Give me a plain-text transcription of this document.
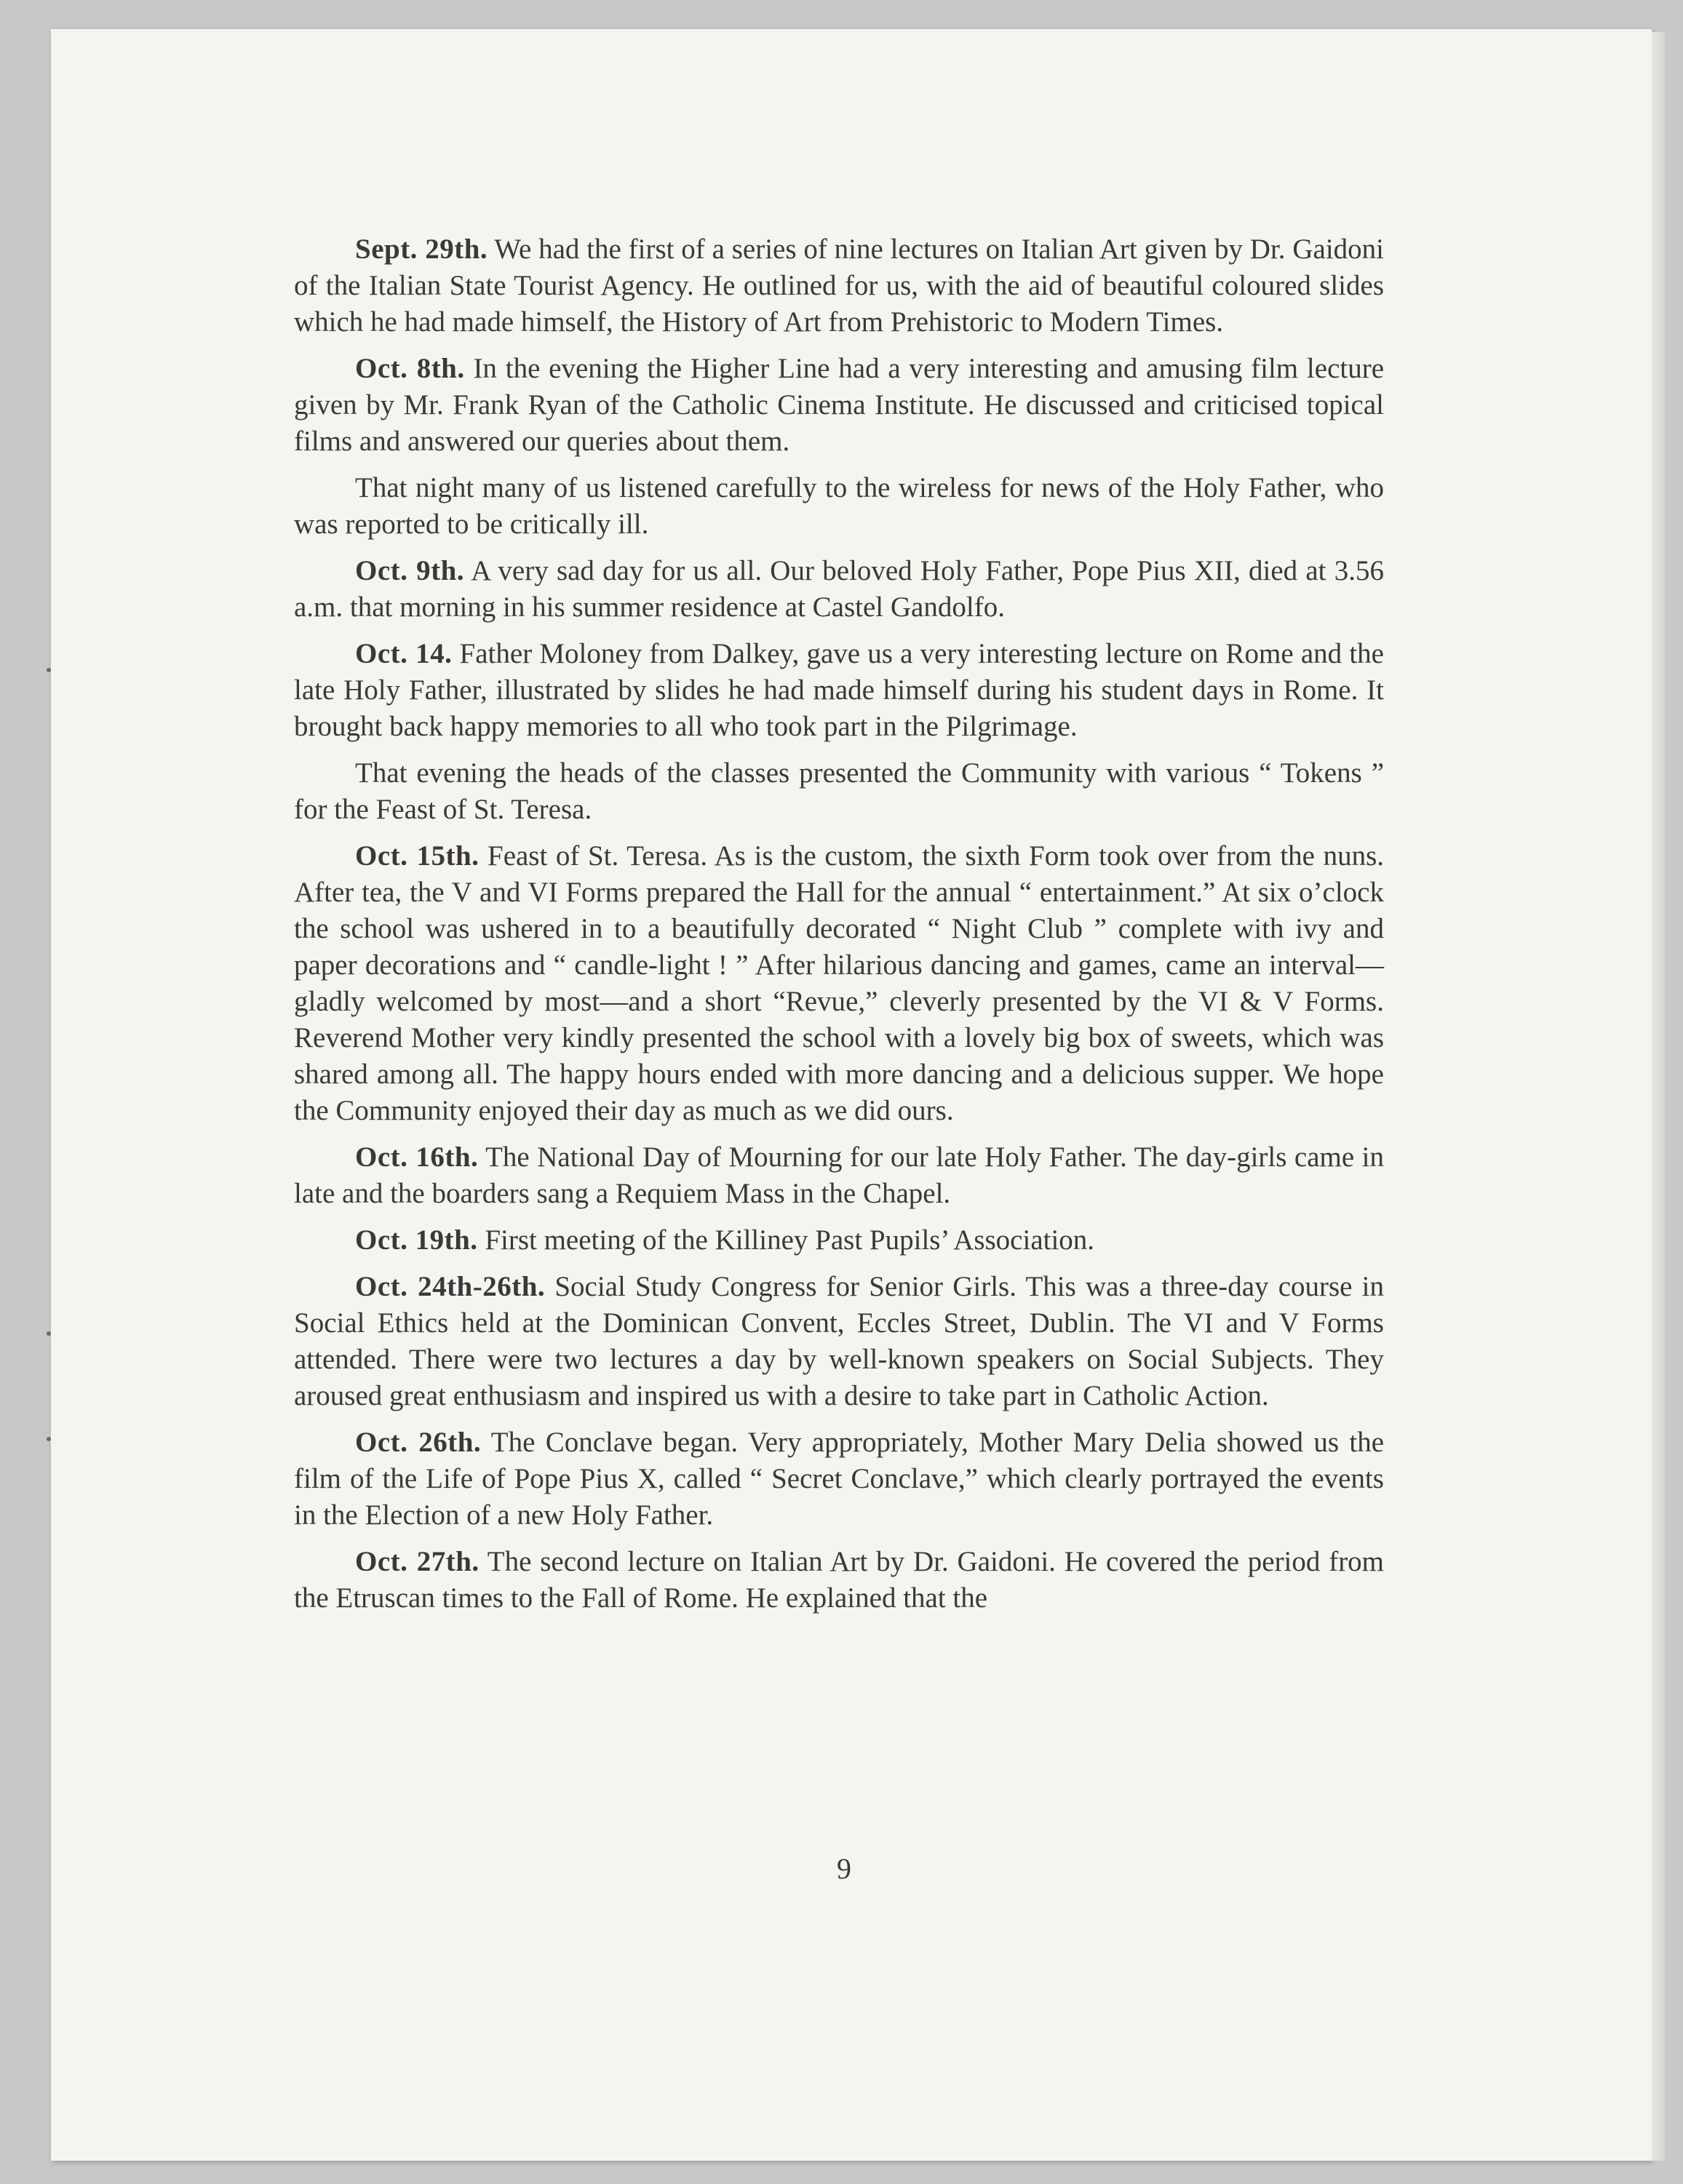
Sept. 29th. We had the first of a series of nine lectures on Italian Art given by Dr. Gaidoni of the Italian State Tourist Agency. He outlined for us, with the aid of beautiful coloured slides which he had made himself, the History of Art from Prehistoric to Modern Times.

Oct. 8th. In the evening the Higher Line had a very interesting and amusing film lecture given by Mr. Frank Ryan of the Catholic Cinema Institute. He discussed and criticised topical films and answered our queries about them.

That night many of us listened carefully to the wireless for news of the Holy Father, who was reported to be critically ill.

Oct. 9th. A very sad day for us all. Our beloved Holy Father, Pope Pius XII, died at 3.56 a.m. that morning in his summer residence at Castel Gandolfo.

Oct. 14. Father Moloney from Dalkey, gave us a very interesting lecture on Rome and the late Holy Father, illustrated by slides he had made himself during his student days in Rome. It brought back happy memories to all who took part in the Pilgrimage.

That evening the heads of the classes presented the Community with various “ Tokens ” for the Feast of St. Teresa.

Oct. 15th. Feast of St. Teresa. As is the custom, the sixth Form took over from the nuns. After tea, the V and VI Forms prepared the Hall for the annual “ entertainment.” At six o’clock the school was ushered in to a beautifully decorated “ Night Club ” complete with ivy and paper decorations and “ candle-light ! ” After hilarious dancing and games, came an interval—gladly welcomed by most—and a short “Revue,” cleverly presented by the VI & V Forms. Reverend Mother very kindly presented the school with a lovely big box of sweets, which was shared among all. The happy hours ended with more dancing and a delicious supper. We hope the Community enjoyed their day as much as we did ours.

Oct. 16th. The National Day of Mourning for our late Holy Father. The day-girls came in late and the boarders sang a Requiem Mass in the Chapel.

Oct. 19th. First meeting of the Killiney Past Pupils’ Association.

Oct. 24th-26th. Social Study Congress for Senior Girls. This was a three-day course in Social Ethics held at the Dominican Convent, Eccles Street, Dublin. The VI and V Forms attended. There were two lectures a day by well-known speakers on Social Subjects. They aroused great enthusiasm and inspired us with a desire to take part in Catholic Action.

Oct. 26th. The Conclave began. Very appropriately, Mother Mary Delia showed us the film of the Life of Pope Pius X, called “ Secret Conclave,” which clearly portrayed the events in the Election of a new Holy Father.

Oct. 27th. The second lecture on Italian Art by Dr. Gaidoni. He covered the period from the Etruscan times to the Fall of Rome. He explained that the

9
